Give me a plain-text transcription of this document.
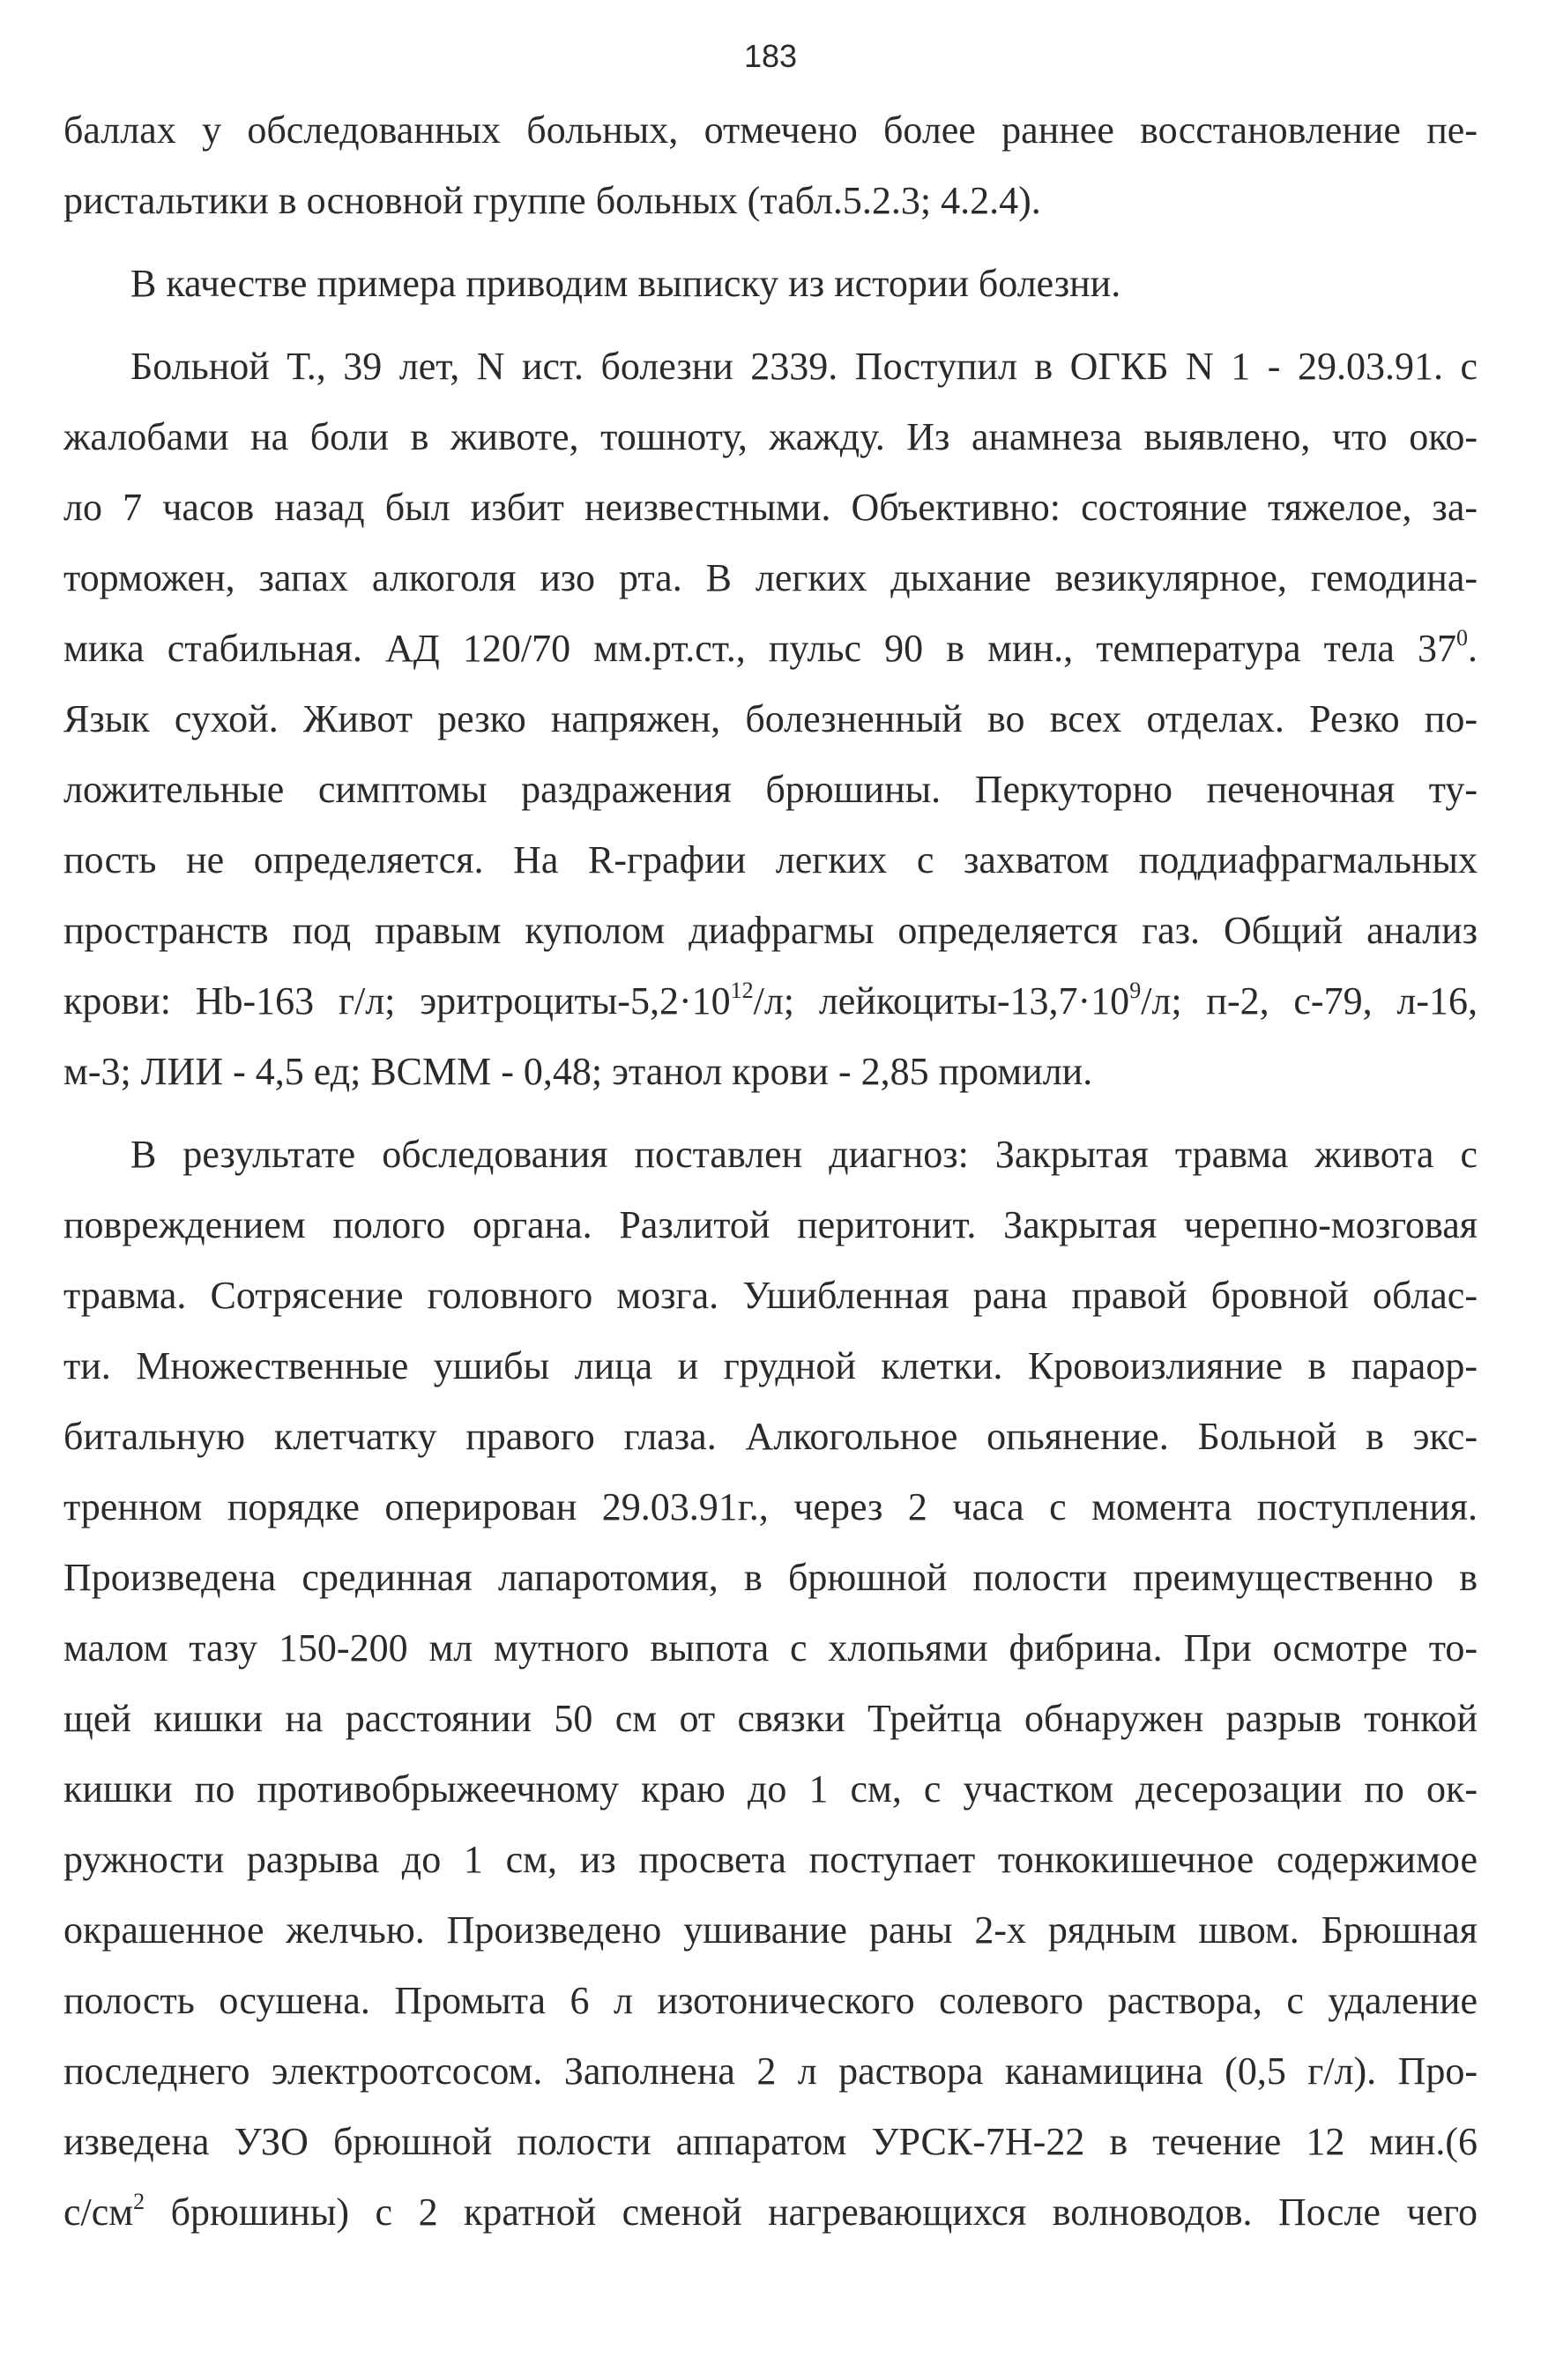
183
баллах у обследованных больных, отмечено более раннее восстановление пе-
ристальтики в основной группе больных (табл.5.2.3; 4.2.4).
В качестве примера приводим выписку из истории болезни.
Больной Т., 39 лет, N ист. болезни 2339. Поступил в ОГКБ N 1 - 29.03.91. с
жалобами на боли в животе, тошноту, жажду. Из анамнеза выявлено, что око-
ло 7 часов назад был избит неизвестными. Объективно: состояние тяжелое, за-
торможен, запах алкоголя изо рта. В легких дыхание везикулярное, гемодина-
мика стабильная. АД 120/70 мм.рт.ст., пульс 90 в мин., температура тела $37^0$.
Язык сухой. Живот резко напряжен, болезненный во всех отделах. Резко по-
ложительные симптомы раздражения брюшины. Перкуторно печеночная ту-
пость не определяется. На R-графии легких с захватом поддиафрагмальных
пространств под правым куполом диафрагмы определяется газ. Общий анализ
крови: Hb-163 г/л; эритроциты-$5,2\cdot 10^{12}/л$; лейкоциты-$13,7\cdot 10^9/л$; п-2, с-79, л-16,
м-3; ЛИИ - 4,5 ед; ВСММ - 0,48; этанол крови - 2,85 промили.
В результате обследования поставлен диагноз: Закрытая травма живота с
повреждением полого органа. Разлитой перитонит. Закрытая черепно-мозговая
травма. Сотрясение головного мозга. Ушибленная рана правой бровной облас-
ти. Множественные ушибы лица и грудной клетки. Кровоизлияние в параор-
битальную клетчатку правого глаза. Алкогольное опьянение. Больной в экс-
тренном порядке оперирован 29.03.91г., через 2 часа с момента поступления.
Произведена срединная лапаротомия, в брюшной полости преимущественно в
малом тазу 150-200 мл мутного выпота с хлопьями фибрина. При осмотре то-
щей кишки на расстоянии 50 см от связки Трейтца обнаружен разрыв тонкой
кишки по противобрыжеечному краю до 1 см, с участком десерозации по ок-
ружности разрыва до 1 см, из просвета поступает тонкокишечное содержимое
окрашенное желчью. Произведено ушивание раны 2-х рядным швом. Брюшная
полость осушена. Промыта 6 л изотонического солевого раствора, с удаление
последнего электроотсосом. Заполнена 2 л раствора канамицина (0,5 г/л). Про-
изведена УЗО брюшной полости аппаратом УРСК-7Н-22 в течение 12 мин.(6
$с/см^2$ брюшины) с 2 кратной сменой нагревающихся волноводов. После чего
